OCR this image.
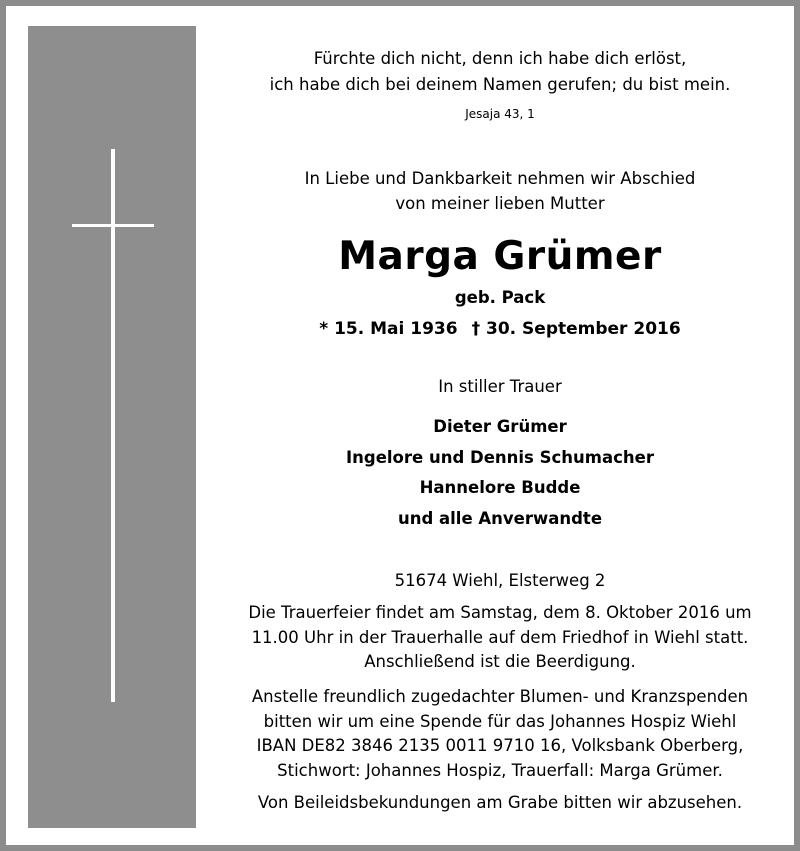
Fürchte dich nicht, denn ich habe dich erlöst,
ich habe dich bei deinem Namen gerufen; du bist mein.
Jesaja 43, 1
In Liebe und Dankbarkeit nehmen wir Abschied
von meiner lieben Mutter
Marga Grümer
geb. Pack
* 15. Mai 1936 † 30. September 2016
In stiller Trauer
Dieter Grümer
Ingelore und Dennis Schumacher
Hannelore Budde
und alle Anverwandte
51674 Wiehl, Elsterweg 2
Die Trauerfeier findet am Samstag, dem 8. Oktober 2016 um
11.00 Uhr in der Trauerhalle auf dem Friedhof in Wiehl statt.
Anschließend ist die Beerdigung.
Anstelle freundlich zugedachter Blumen- und Kranzspenden
bitten wir um eine Spende für das Johannes Hospiz Wiehl
IBAN DE82 3846 2135 0011 9710 16, Volksbank Oberberg,
Stichwort: Johannes Hospiz, Trauerfall: Marga Grümer.
Von Beileidsbekundungen am Grabe bitten wir abzusehen.
